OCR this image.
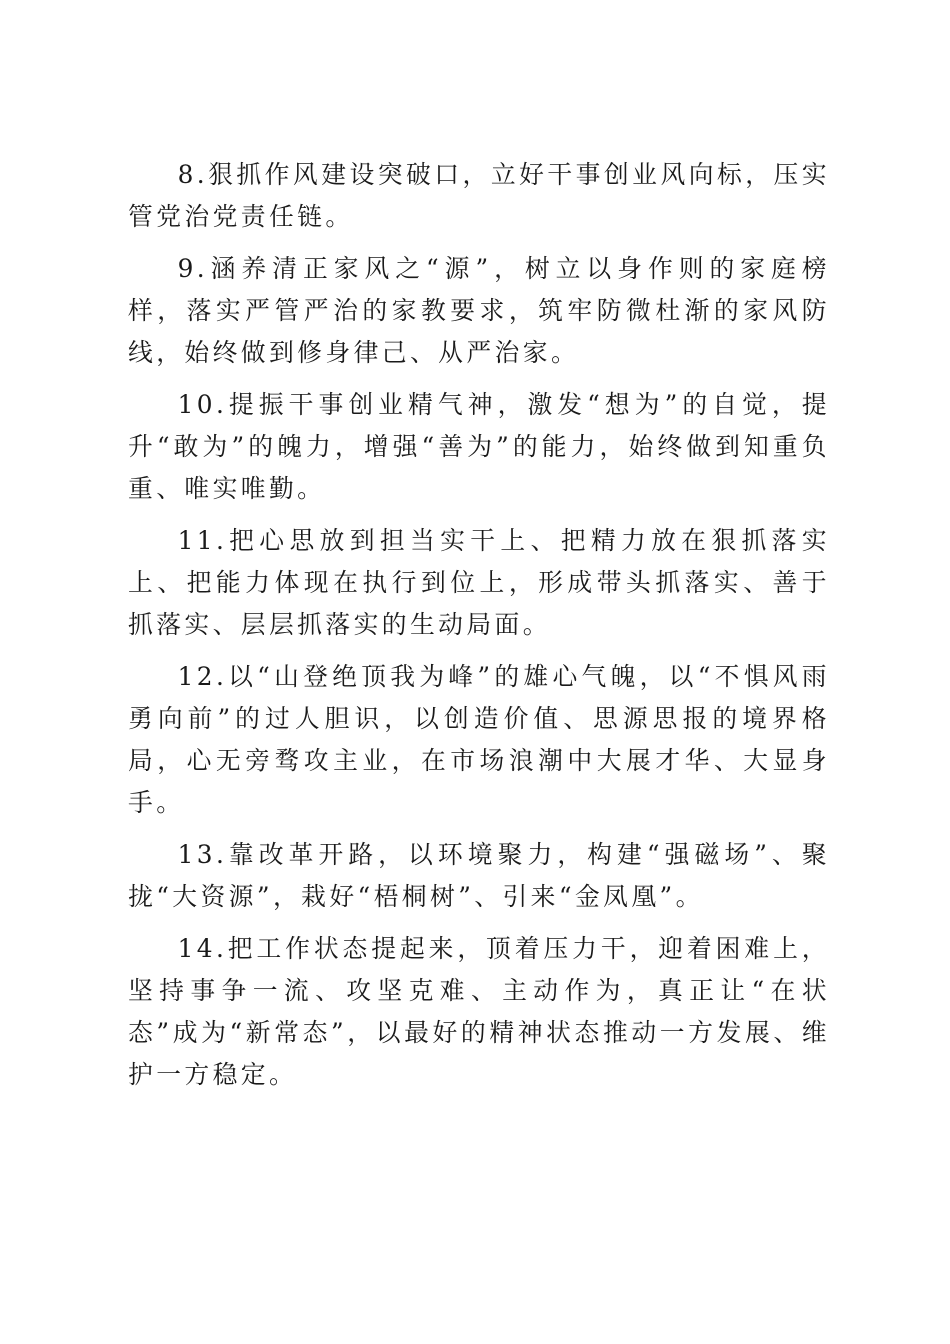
8.狠抓作风建设突破口，立好干事创业风向标，压实管党治党责任链。

9.涵养清正家风之“源”，树立以身作则的家庭榜样，落实严管严治的家教要求，筑牢防微杜渐的家风防线，始终做到修身律己、从严治家。

10.提振干事创业精气神，激发“想为”的自觉，提升“敢为”的魄力，增强“善为”的能力，始终做到知重负重、唯实唯勤。

11.把心思放到担当实干上、把精力放在狠抓落实上、把能力体现在执行到位上，形成带头抓落实、善于抓落实、层层抓落实的生动局面。

12.以“山登绝顶我为峰”的雄心气魄，以“不惧风雨勇向前”的过人胆识，以创造价值、思源思报的境界格局，心无旁骛攻主业，在市场浪潮中大展才华、大显身手。

13.靠改革开路，以环境聚力，构建“强磁场”、聚拢“大资源”，栽好“梧桐树”、引来“金凤凰”。

14.把工作状态提起来，顶着压力干，迎着困难上，坚持事争一流、攻坚克难、主动作为，真正让“在状态”成为“新常态”，以最好的精神状态推动一方发展、维护一方稳定。
